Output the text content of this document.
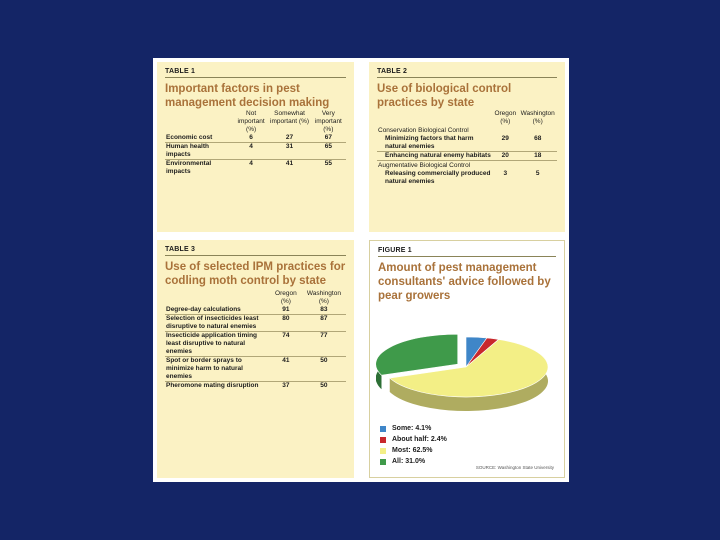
TABLE 1
Important factors in pest management decision making
	Not important (%)	Somewhat important (%)	Very important (%)
Economic cost	6	27	67
Human health impacts	4	31	65
Environmental impacts	4	41	55
TABLE 2
Use of biological control practices by state
	Oregon (%)	Washington (%)
Conservation Biological Control		
Minimizing factors that harm natural enemies	29	68
Enhancing natural enemy habitats	20	18
Augmentative Biological Control		
Releasing commercially produced natural enemies	3	5
TABLE 3
Use of selected IPM practices for codling moth control by state
	Oregon (%)	Washington (%)
Degree-day calculations	91	83
Selection of insecticides least disruptive to natural enemies	80	87
Insecticide application timing least disruptive to natural enemies	74	77
Spot or border sprays to minimize harm to natural enemies	41	50
Pheromone mating disruption	37	50
FIGURE 1
Amount of pest management consultants' advice followed by pear growers
Some: 4.1%
About half: 2.4%
Most: 62.5%
All: 31.0%
SOURCE: Washington State University
